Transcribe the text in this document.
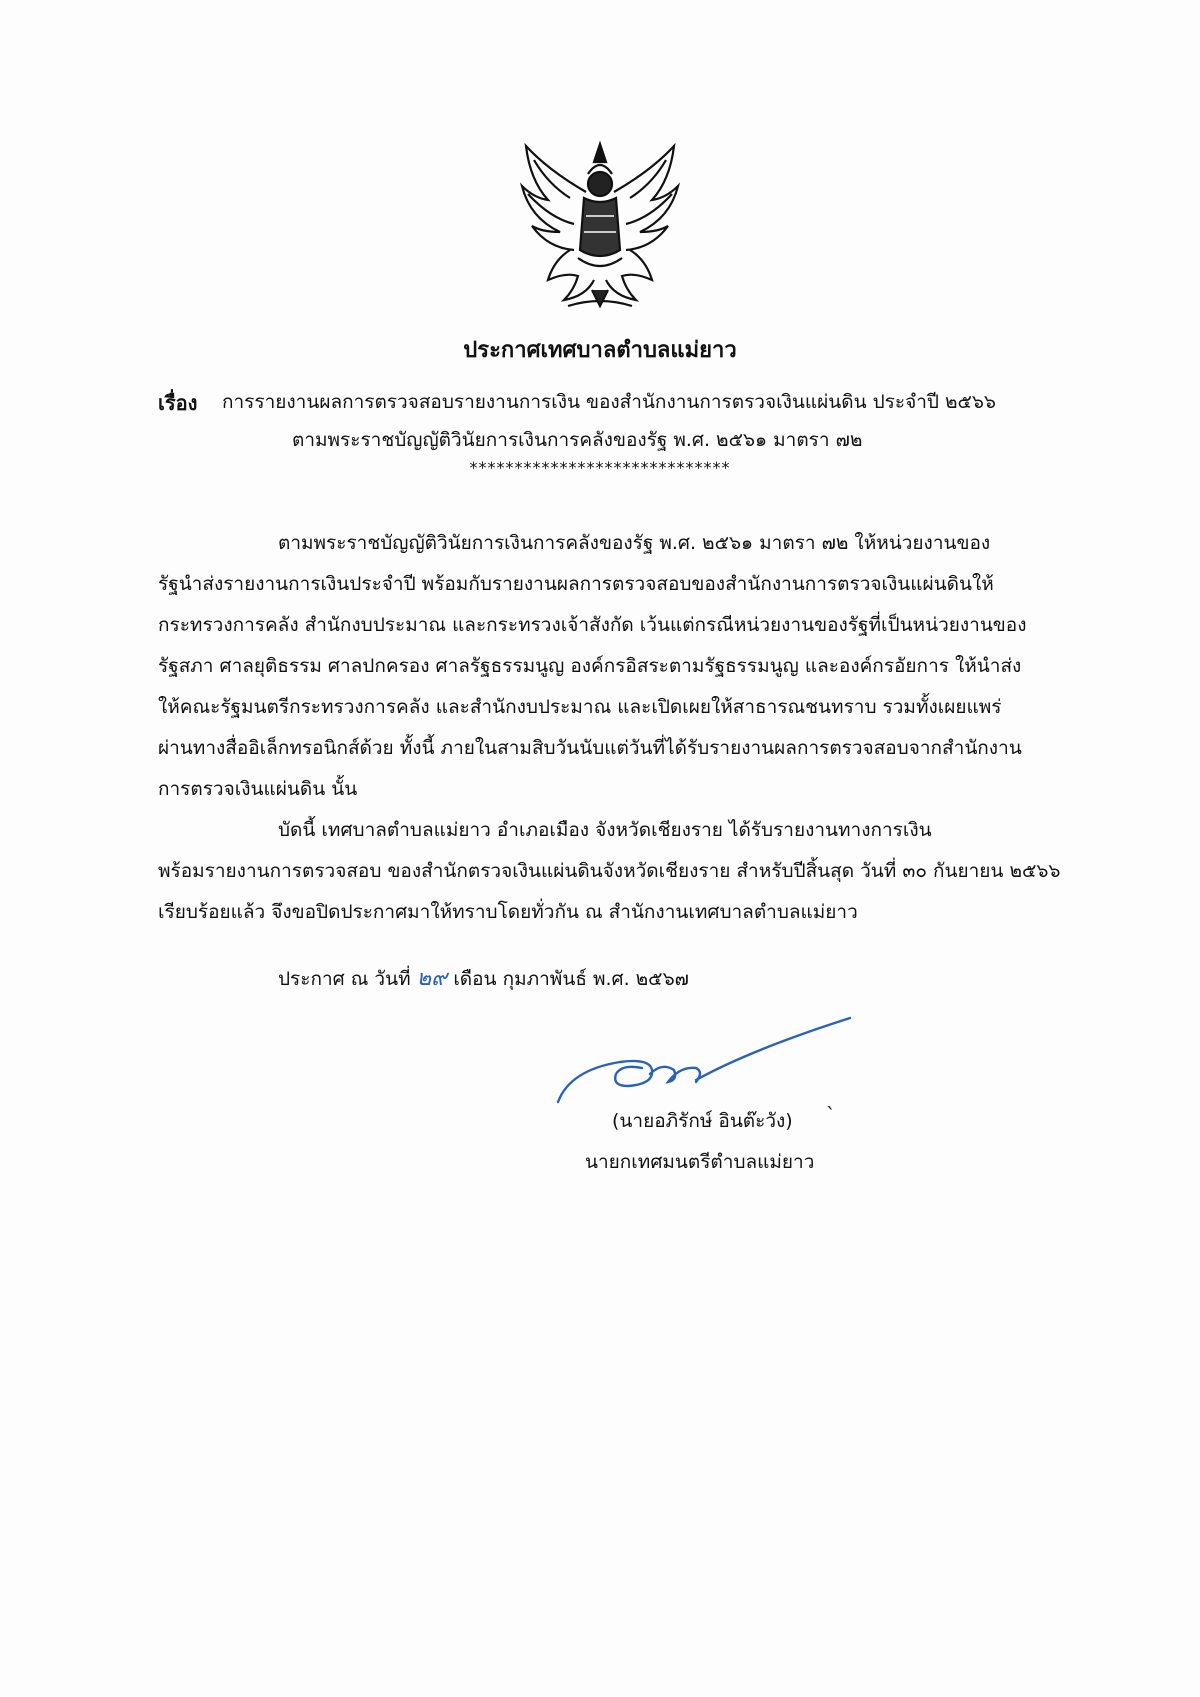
ประกาศเทศบาลตำบลแม่ยาว
เรื่อง การรายงานผลการตรวจสอบรายงานการเงิน ของสำนักงานการตรวจเงินแผ่นดิน ประจำปี ๒๕๖๖
ตามพระราชบัญญัติวินัยการเงินการคลังของรัฐ พ.ศ. ๒๕๖๑ มาตรา ๗๒
*****************************
ตามพระราชบัญญัติวินัยการเงินการคลังของรัฐ พ.ศ. ๒๕๖๑ มาตรา ๗๒ ให้หน่วยงานของ
รัฐนำส่งรายงานการเงินประจำปี พร้อมกับรายงานผลการตรวจสอบของสำนักงานการตรวจเงินแผ่นดินให้
กระทรวงการคลัง สำนักงบประมาณ และกระทรวงเจ้าสังกัด เว้นแต่กรณีหน่วยงานของรัฐที่เป็นหน่วยงานของ
รัฐสภา ศาลยุติธรรม ศาลปกครอง ศาลรัฐธรรมนูญ องค์กรอิสระตามรัฐธรรมนูญ และองค์กรอัยการ ให้นำส่ง
ให้คณะรัฐมนตรีกระทรวงการคลัง และสำนักงบประมาณ และเปิดเผยให้สาธารณชนทราบ รวมทั้งเผยแพร่
ผ่านทางสื่ออิเล็กทรอนิกส์ด้วย ทั้งนี้ ภายในสามสิบวันนับแต่วันที่ได้รับรายงานผลการตรวจสอบจากสำนักงาน
การตรวจเงินแผ่นดิน นั้น
บัดนี้ เทศบาลตำบลแม่ยาว อำเภอเมือง จังหวัดเชียงราย ได้รับรายงานทางการเงิน
พร้อมรายงานการตรวจสอบ ของสำนักตรวจเงินแผ่นดินจังหวัดเชียงราย สำหรับปีสิ้นสุด วันที่ ๓๐ กันยายน ๒๕๖๖
เรียบร้อยแล้ว จึงขอปิดประกาศมาให้ทราบโดยทั่วกัน ณ สำนักงานเทศบาลตำบลแม่ยาว
ประกาศ ณ วันที่ ๒๙ เดือน กุมภาพันธ์ พ.ศ. ๒๕๖๗
(นายอภิรักษ์ อินต๊ะวัง) `
นายกเทศมนตรีตำบลแม่ยาว
